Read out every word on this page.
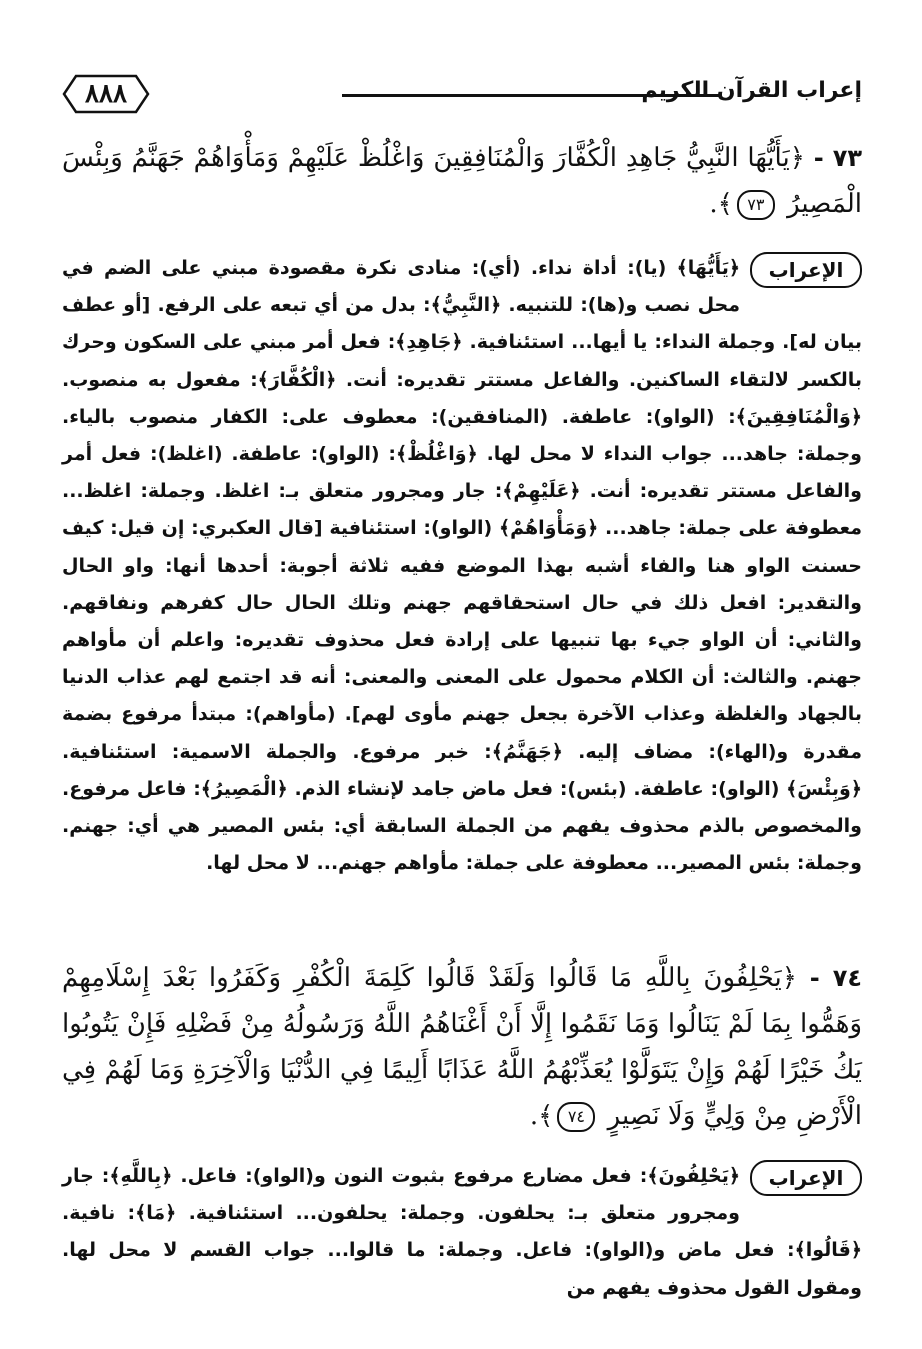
٨٨٨	إعراب القرآن الكريم
٧٣ - ﴿يَأَيُّهَا النَّبِيُّ جَاهِدِ الْكُفَّارَ وَالْمُنَافِقِينَ وَاغْلُظْ عَلَيْهِمْ وَمَأْوَاهُمْ جَهَنَّمُ وَبِئْسَ الْمَصِيرُ ٧٣﴾.
الإعراب
﴿يَأَيُّهَا﴾ (يا): أداة نداء. (أي): منادى نكرة مقصودة مبني على الضم في محل نصب و(ها): للتنبيه. ﴿النَّبِيُّ﴾: بدل من أي تبعه على الرفع. [أو عطف بيان له]. وجملة النداء: يا أيها... استئنافية. ﴿جَاهِدِ﴾: فعل أمر مبني على السكون وحرك بالكسر لالتقاء الساكنين. والفاعل مستتر تقديره: أنت. ﴿الْكُفَّارَ﴾: مفعول به منصوب. ﴿وَالْمُنَافِقِينَ﴾: (الواو): عاطفة. (المنافقين): معطوف على: الكفار منصوب بالياء. وجملة: جاهد... جواب النداء لا محل لها. ﴿وَاغْلُظْ﴾: (الواو): عاطفة. (اغلظ): فعل أمر والفاعل مستتر تقديره: أنت. ﴿عَلَيْهِمْ﴾: جار ومجرور متعلق بـ: اغلظ. وجملة: اغلظ... معطوفة على جملة: جاهد... ﴿وَمَأْوَاهُمْ﴾ (الواو): استئنافية [قال العكبري: إن قيل: كيف حسنت الواو هنا والفاء أشبه بهذا الموضع ففيه ثلاثة أجوبة: أحدها أنها: واو الحال والتقدير: افعل ذلك في حال استحقاقهم جهنم وتلك الحال حال كفرهم ونفاقهم. والثاني: أن الواو جيء بها تنبيها على إرادة فعل محذوف تقديره: واعلم أن مأواهم جهنم. والثالث: أن الكلام محمول على المعنى والمعنى: أنه قد اجتمع لهم عذاب الدنيا بالجهاد والغلظة وعذاب الآخرة بجعل جهنم مأوى لهم]. (مأواهم): مبتدأ مرفوع بضمة مقدرة و(الهاء): مضاف إليه. ﴿جَهَنَّمُ﴾: خبر مرفوع. والجملة الاسمية: استئنافية. ﴿وَبِئْسَ﴾ (الواو): عاطفة. (بئس): فعل ماض جامد لإنشاء الذم. ﴿الْمَصِيرُ﴾: فاعل مرفوع. والمخصوص بالذم محذوف يفهم من الجملة السابقة أي: بئس المصير هي أي: جهنم. وجملة: بئس المصير... معطوفة على جملة: مأواهم جهنم... لا محل لها.
٧٤ - ﴿يَحْلِفُونَ بِاللَّهِ مَا قَالُوا وَلَقَدْ قَالُوا كَلِمَةَ الْكُفْرِ وَكَفَرُوا بَعْدَ إِسْلَامِهِمْ وَهَمُّوا بِمَا لَمْ يَنَالُوا وَمَا نَقَمُوا إِلَّا أَنْ أَغْنَاهُمُ اللَّهُ وَرَسُولُهُ مِنْ فَضْلِهِ فَإِنْ يَتُوبُوا يَكُ خَيْرًا لَهُمْ وَإِنْ يَتَوَلَّوْا يُعَذِّبْهُمُ اللَّهُ عَذَابًا أَلِيمًا فِي الدُّنْيَا وَالْآخِرَةِ وَمَا لَهُمْ فِي الْأَرْضِ مِنْ وَلِيٍّ وَلَا نَصِيرٍ ٧٤﴾.
الإعراب
﴿يَحْلِفُونَ﴾: فعل مضارع مرفوع بثبوت النون و(الواو): فاعل. ﴿بِاللَّهِ﴾: جار ومجرور متعلق بـ: يحلفون. وجملة: يحلفون... استئنافية. ﴿مَا﴾: نافية. ﴿قَالُوا﴾: فعل ماض و(الواو): فاعل. وجملة: ما قالوا... جواب القسم لا محل لها. ومقول القول محذوف يفهم من
